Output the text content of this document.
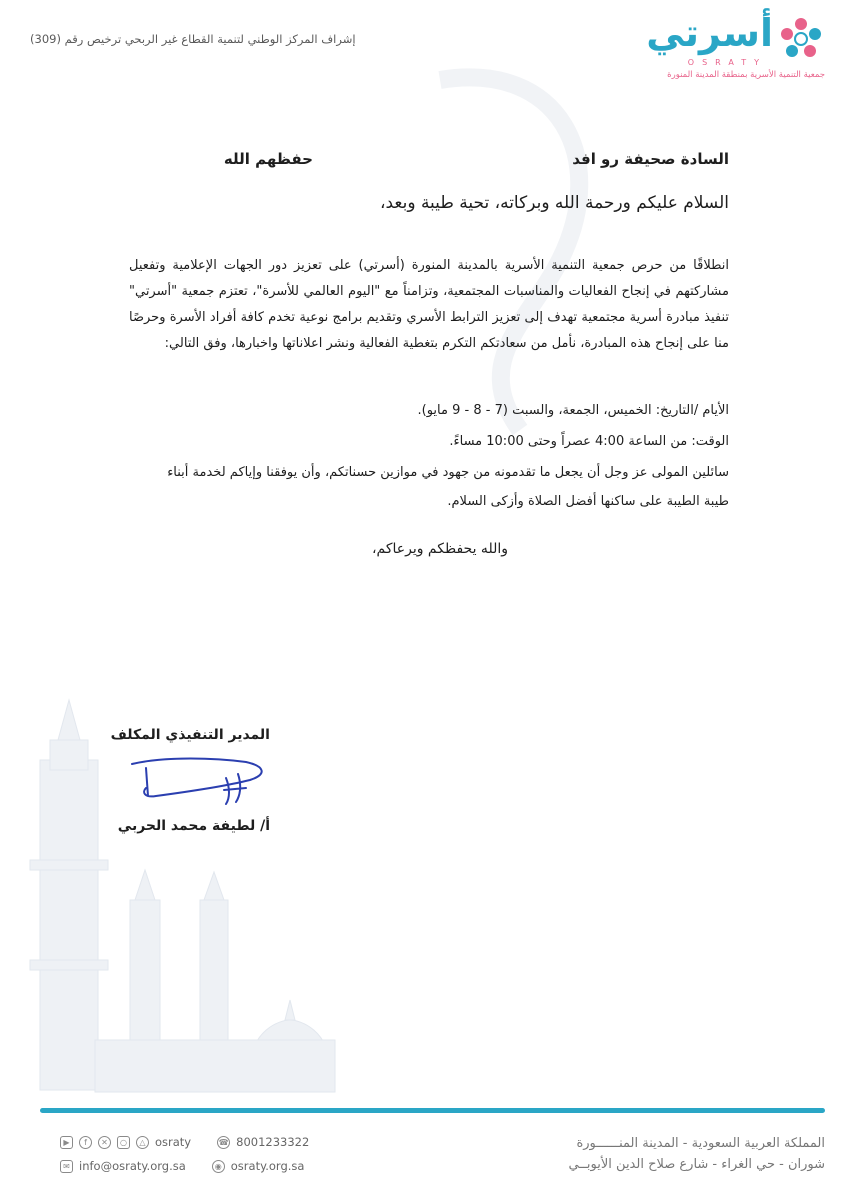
أسرتي
OSRATY
جمعية التنمية الأسرية بمنطقة المدينة المنورة
إشراف المركز الوطني لتنمية القطاع غير الربحي ترخيص رقم (309)
السادة صحيفة رو افد
حفظهم الله
السلام عليكم ورحمة الله وبركاته، تحية طيبة وبعد،
انطلاقًا من حرص جمعية التنمية الأسرية بالمدينة المنورة (أسرتي) على تعزيز دور الجهات الإعلامية وتفعيل مشاركتهم في إنجاح الفعاليات والمناسبات المجتمعية، وتزامناً مع "اليوم العالمي للأسرة"، تعتزم جمعية "أسرتي" تنفيذ مبادرة أسرية مجتمعية تهدف إلى تعزيز الترابط الأسري وتقديم برامج نوعية تخدم كافة أفراد الأسرة وحرصًا منا على إنجاح هذه المبادرة، نأمل من سعادتكم التكرم بتغطية الفعالية ونشر اعلاناتها واخبارها، وفق التالي:
الأيام /التاريخ: الخميس، الجمعة، والسبت (7 - 8 - 9 مايو).
الوقت: من الساعة 4:00 عصراً وحتى 10:00 مساءً.
سائلين المولى عز وجل أن يجعل ما تقدمونه من جهود في موازين حسناتكم، وأن يوفقنا وإياكم لخدمة أبناء
طيبة الطيبة على ساكنها أفضل الصلاة وأزكى السلام.
والله يحفظكم ويرعاكم،
المدير التنفيذي المكلف
أ/ لطيفة محمد الحربي
المملكة العربية السعودية - المدينة المنــــــورة
شوران - حي الغراء - شارع صلاح الدين الأيوبــي
▶	f	✕	○	△ osraty	☎ 8001233322
✉ info@osraty.org.sa	◉ osraty.org.sa
